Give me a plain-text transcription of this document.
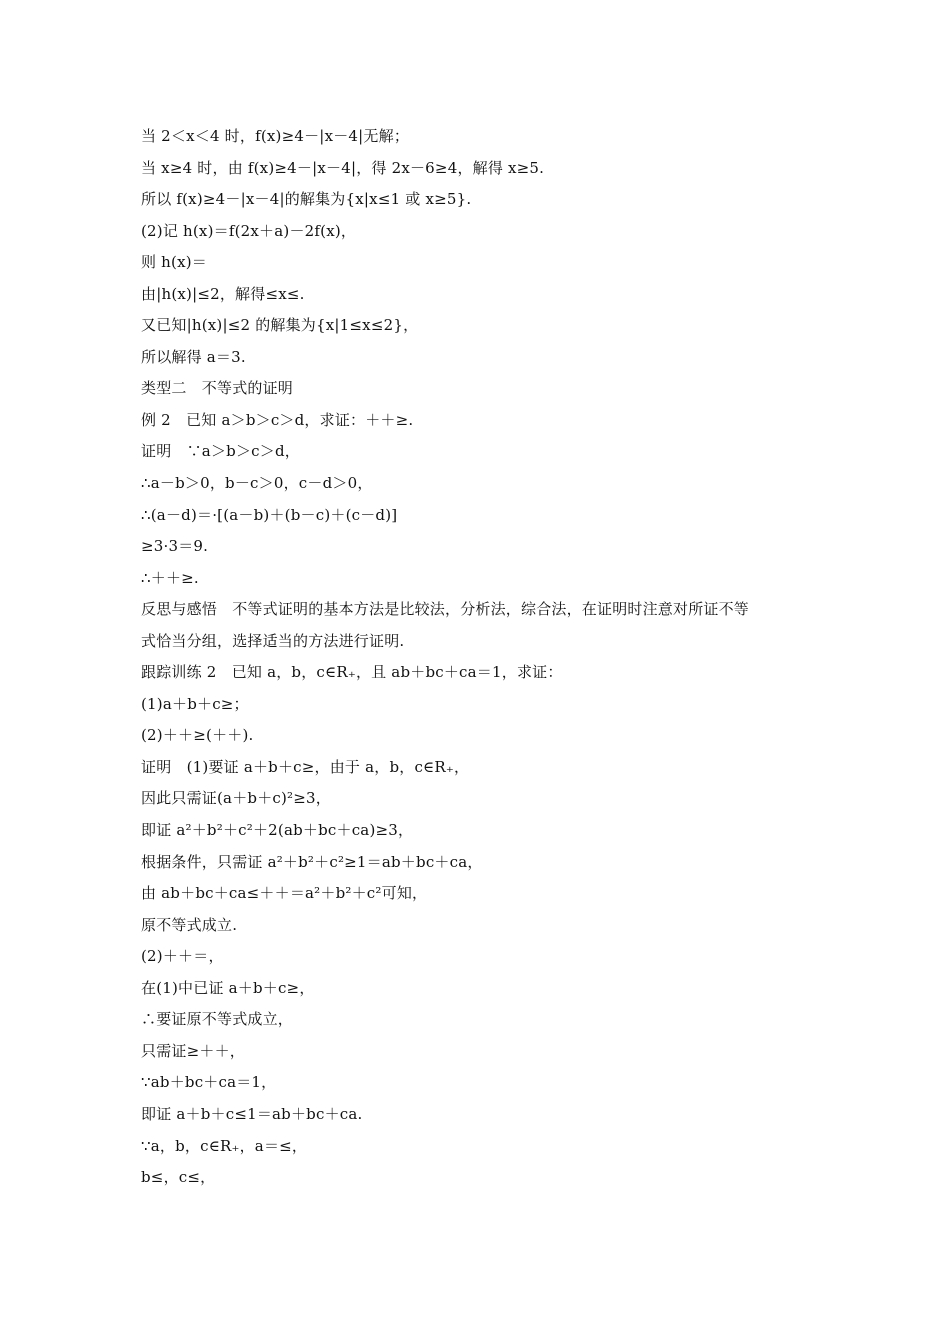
当 2＜x＜4 时，f(x)≥4－|x－4|无解；
当 x≥4 时，由 f(x)≥4－|x－4|，得 2x－6≥4，解得 x≥5.
所以 f(x)≥4－|x－4|的解集为{x|x≤1 或 x≥5}.
(2)记 h(x)＝f(2x＋a)－2f(x)，
则 h(x)＝
由|h(x)|≤2，解得≤x≤.
又已知|h(x)|≤2 的解集为{x|1≤x≤2}，
所以解得 a＝3.
类型二　不等式的证明
例 2　已知 a＞b＞c＞d，求证：＋＋≥.
证明　∵a＞b＞c＞d，
∴a－b＞0，b－c＞0，c－d＞0，
∴(a－d)＝·[(a－b)＋(b－c)＋(c－d)]
≥3·3＝9.
∴＋＋≥.
反思与感悟　不等式证明的基本方法是比较法，分析法，综合法，在证明时注意对所证不等
式恰当分组，选择适当的方法进行证明.
跟踪训练 2　已知 a，b，c∈R₊，且 ab＋bc＋ca＝1，求证：
(1)a＋b＋c≥；
(2)＋＋≥(＋＋).
证明　(1)要证 a＋b＋c≥，由于 a，b，c∈R₊，
因此只需证(a＋b＋c)²≥3，
即证 a²＋b²＋c²＋2(ab＋bc＋ca)≥3，
根据条件，只需证 a²＋b²＋c²≥1＝ab＋bc＋ca，
由 ab＋bc＋ca≤＋＋＝a²＋b²＋c²可知，
原不等式成立.
(2)＋＋＝，
在(1)中已证 a＋b＋c≥，
∴要证原不等式成立，
只需证≥＋＋，
∵ab＋bc＋ca＝1，
即证 a＋b＋c≤1＝ab＋bc＋ca.
∵a，b，c∈R₊，a＝≤，
b≤，c≤，
